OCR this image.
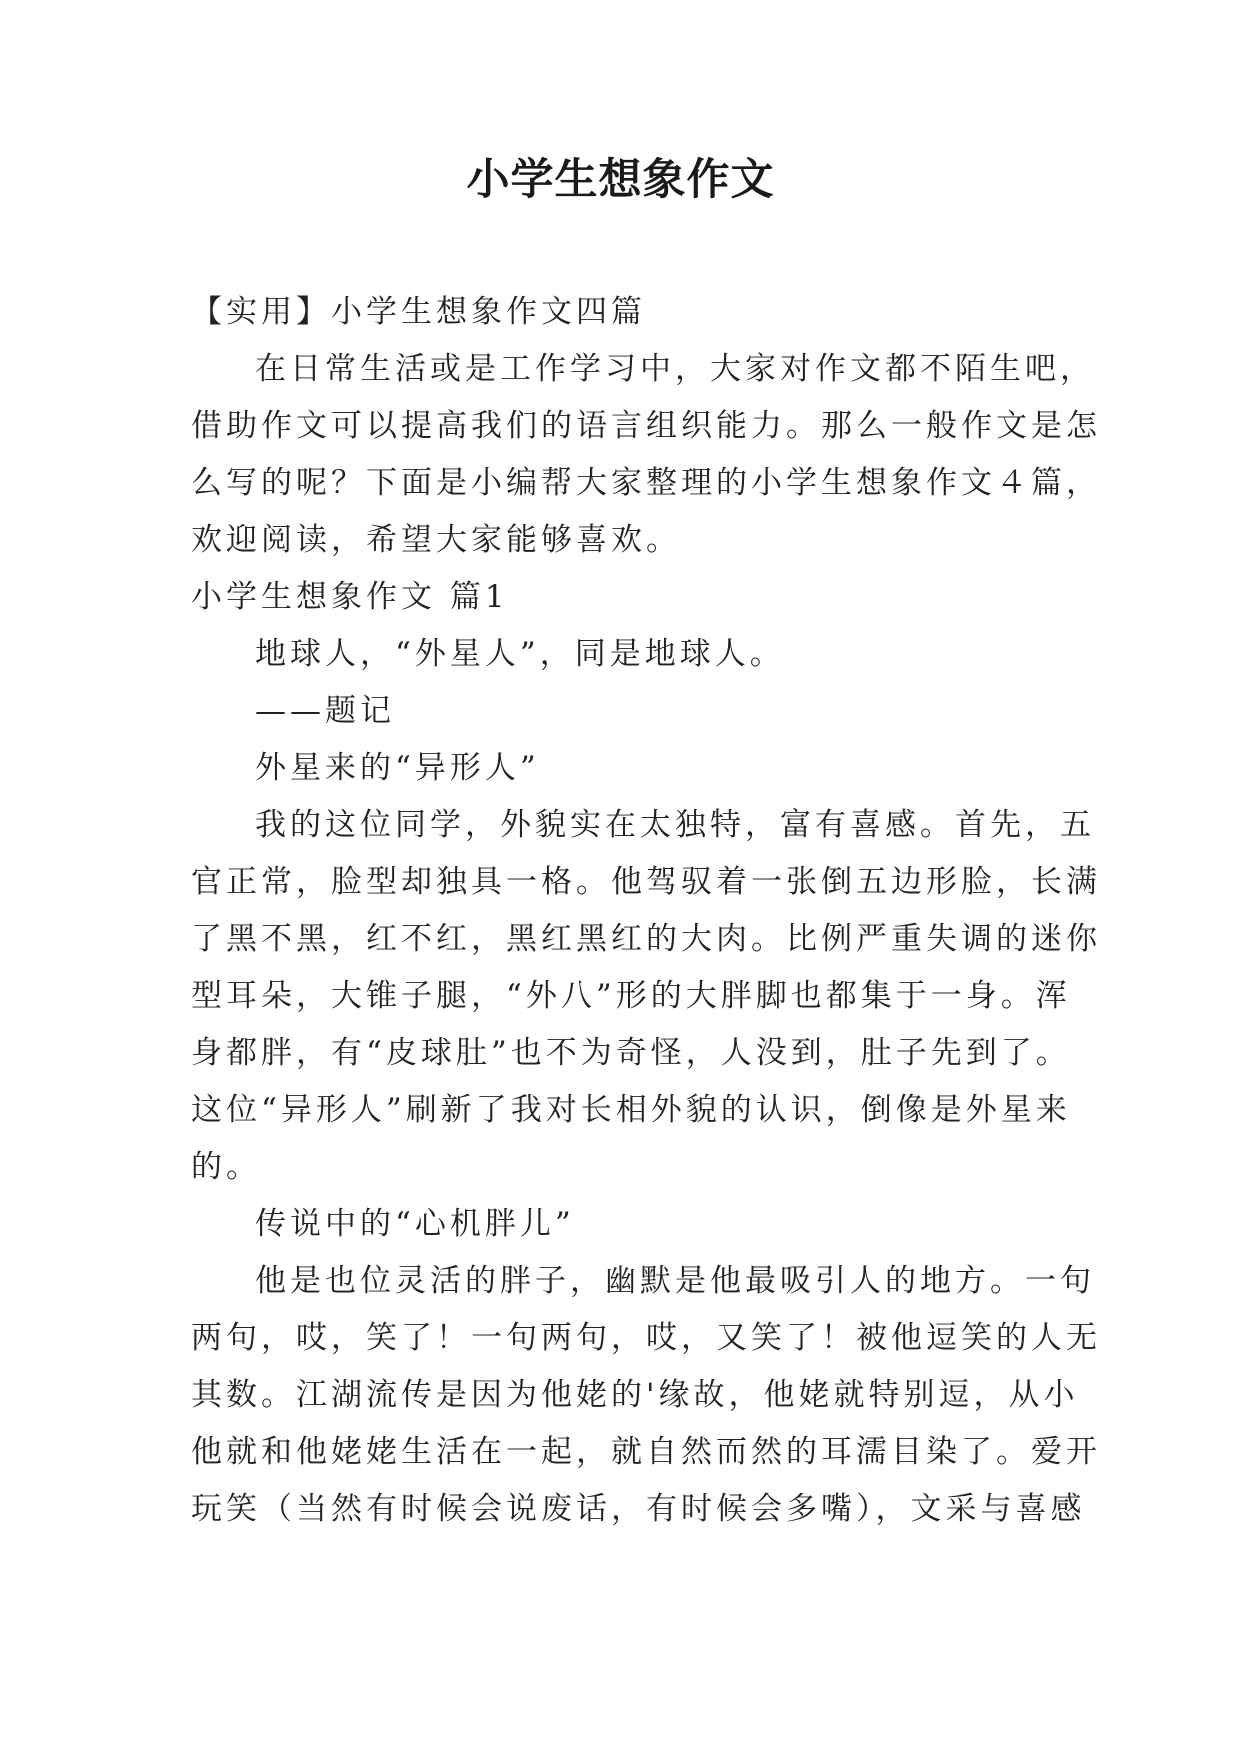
小学生想象作文
【实用】小学生想象作文四篇
在日常生活或是工作学习中，大家对作文都不陌生吧，
借助作文可以提高我们的语言组织能力。那么一般作文是怎
么写的呢？下面是小编帮大家整理的小学生想象作文４篇，
欢迎阅读，希望大家能够喜欢。
小学生想象作文 篇1
地球人，“外星人”，同是地球人。
——题记
外星来的“异形人”
我的这位同学，外貌实在太独特，富有喜感。首先，五
官正常，脸型却独具一格。他驾驭着一张倒五边形脸，长满
了黑不黑，红不红，黑红黑红的大肉。比例严重失调的迷你
型耳朵，大锥子腿，“外八”形的大胖脚也都集于一身。浑
身都胖，有“皮球肚”也不为奇怪，人没到，肚子先到了。
这位“异形人”刷新了我对长相外貌的认识，倒像是外星来
的。
传说中的“心机胖儿”
他是也位灵活的胖子，幽默是他最吸引人的地方。一句
两句，哎，笑了！一句两句，哎，又笑了！被他逗笑的人无
其数。江湖流传是因为他姥的'缘故，他姥就特别逗，从小
他就和他姥姥生活在一起，就自然而然的耳濡目染了。爱开
玩笑（当然有时候会说废话，有时候会多嘴），文采与喜感
